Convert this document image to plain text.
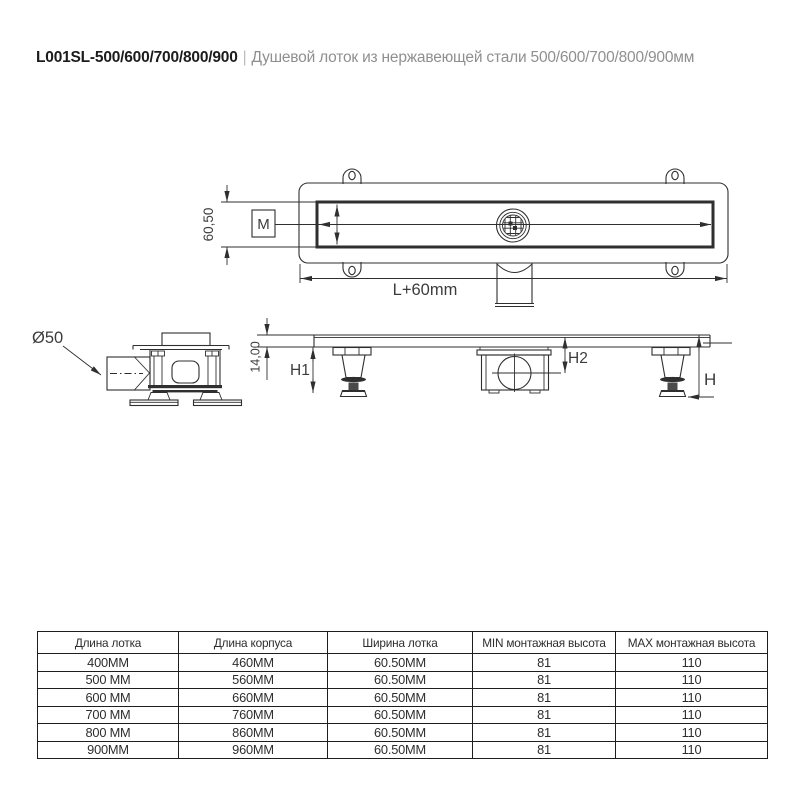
L001SL-500/600/700/800/900 | Душевой лоток из нержавеющей стали 500/600/700/800/900мм
M
60,50
L+60mm
Ø50
14,00 H1
H2
H
Длина лотка	Длина корпуса	Ширина лотка	MIN монтажная высота	MAX монтажная высота
400MM	460MM	60.50MM	81	110
500 MM	560MM	60.50MM	81	110
600 MM	660MM	60.50MM	81	110
700 MM	760MM	60.50MM	81	110
800 MM	860MM	60.50MM	81	110
900MM	960MM	60.50MM	81	110
